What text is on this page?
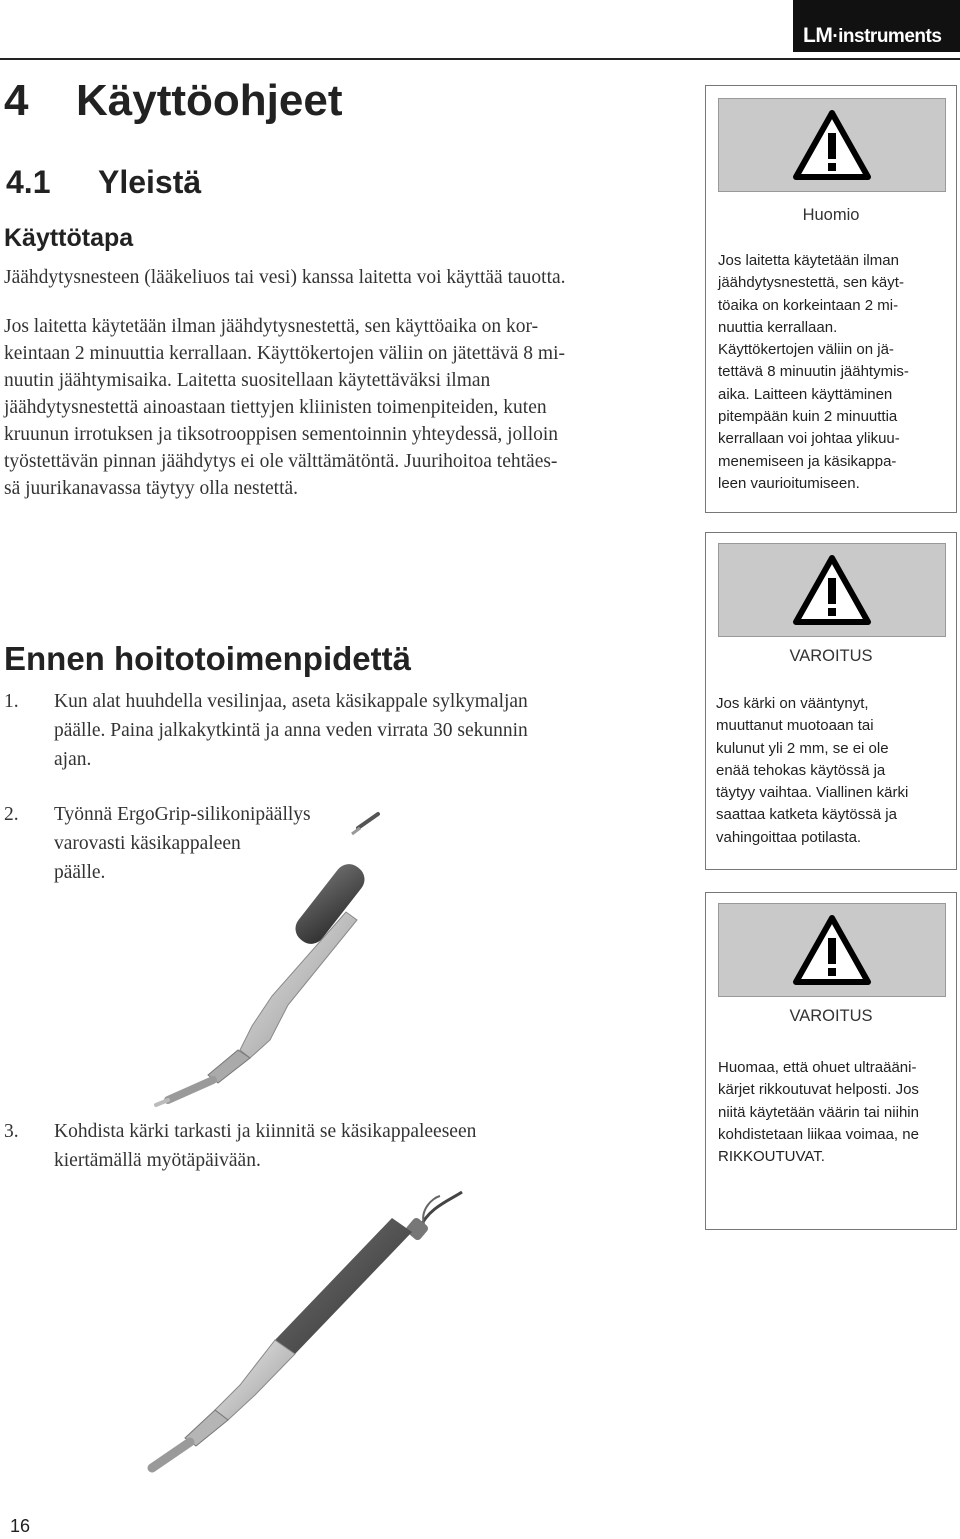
LM·instruments
4 Käyttöohjeet
4.1 Yleistä
Käyttötapa
Jäähdytysnesteen (lääkeliuos tai vesi) kanssa laitetta voi käyttää tauotta.
Jos laitetta käytetään ilman jäähdytysnestettä, sen käyttöaika on kor-
keintaan 2 minuuttia kerrallaan. Käyttökertojen väliin on jätettävä 8 mi-
nuutin jäähtymisaika. Laitetta suositellaan käytettäväksi ilman
jäähdytysnestettä ainoastaan tiettyjen kliinisten toimenpiteiden, kuten
kruunun irrotuksen ja tiksotrooppisen sementoinnin yhteydessä, jolloin
työstettävän pinnan jäähdytys ei ole välttämätöntä. Juurihoitoa tehtäes-
sä juurikanavassa täytyy olla nestettä.
Ennen hoitotoimenpidettä
1. Kun alat huuhdella vesilinjaa, aseta käsikappale sylkymaljan
päälle. Paina jalkakytkintä ja anna veden virrata 30 sekunnin
ajan.
2. Työnnä ErgoGrip-silikonipäällys
varovasti käsikappaleen
päälle.
3. Kohdista kärki tarkasti ja kiinnitä se käsikappaleeseen
kiertämällä myötäpäivään.
Huomio
Jos laitetta käytetään ilman
jäähdytysnestettä, sen käyt-
töaika on korkeintaan 2 mi-
nuuttia kerrallaan.
Käyttökertojen väliin on jä-
tettävä 8 minuutin jäähtymis-
aika. Laitteen käyttäminen
pitempään kuin 2 minuuttia
kerrallaan voi johtaa ylikuu-
menemiseen ja käsikappa-
leen vaurioitumiseen.
VAROITUS
Jos kärki on vääntynyt,
muuttanut muotoaan tai
kulunut yli 2 mm, se ei ole
enää tehokas käytössä ja
täytyy vaihtaa. Viallinen kärki
saattaa katketa käytössä ja
vahingoittaa potilasta.
VAROITUS
Huomaa, että ohuet ultraääni-
kärjet rikkoutuvat helposti. Jos
niitä käytetään väärin tai niihin
kohdistetaan liikaa voimaa, ne
RIKKOUTUVAT.
16
